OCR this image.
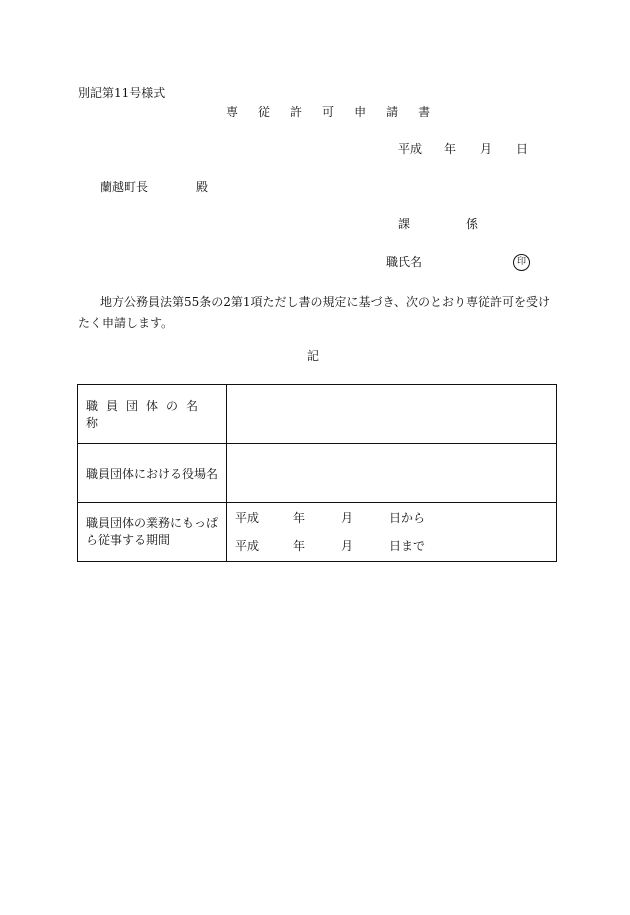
別記第11号様式
専 従 許 可 申 請 書
平成 年 月 日
蘭越町長	殿
課	係
職氏名	印
地方公務員法第55条の2第1項ただし書の規定に基づき、次のとおり専従許可を受けたく申請します。
記
職員団体の名称	
職員団体における役場名	
職員団体の業務にもっぱら従事する期間	平成 年 月 日から
平成 年 月 日まで
